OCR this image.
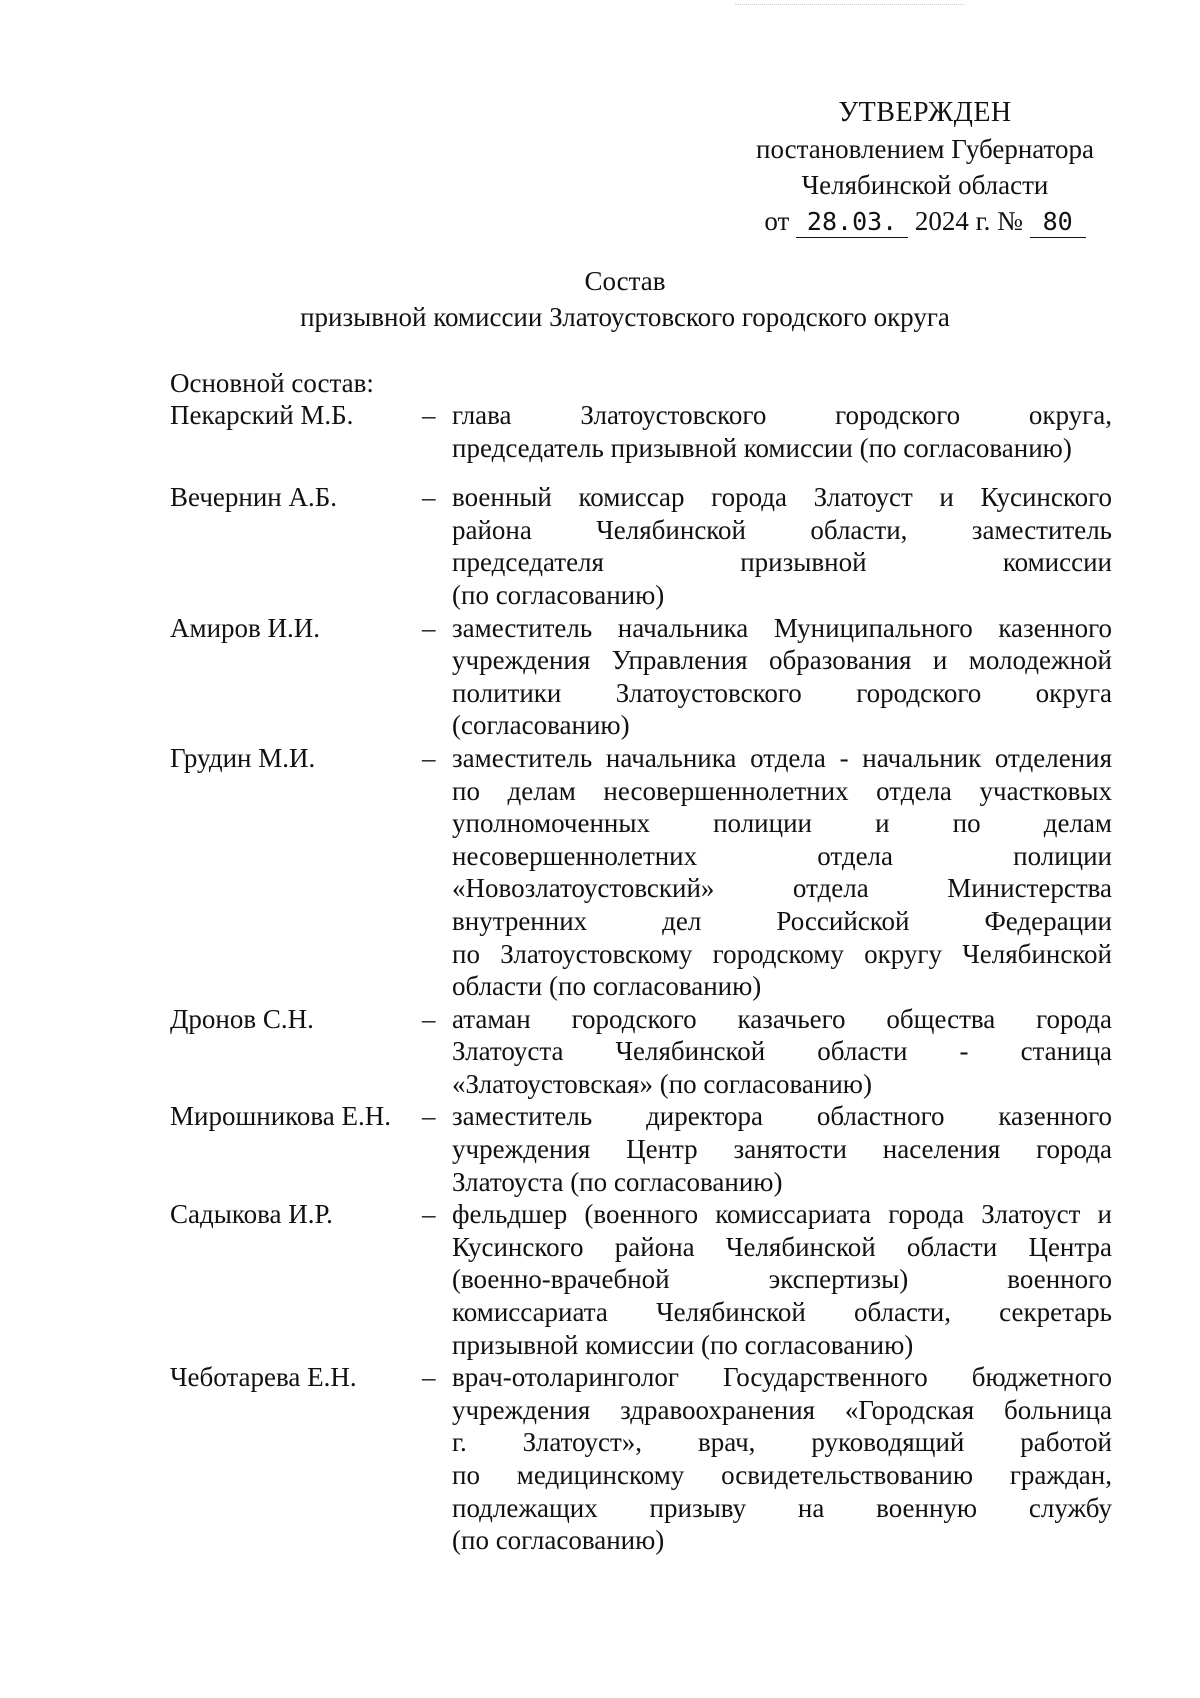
УТВЕРЖДЕН
постановлением Губернатора
Челябинской области
от 28.03. 2024 г. № 80
Состав
призывной комиссии Златоустовского городского округа
Основной состав:
Пекарский М.Б.	– глава Златоустовского городского округа,
председатель призывной комиссии (по согласованию)
Вечернин А.Б.	– военный комиссар города Златоуст и Кусинского
района Челябинской области, заместитель
председателя призывной комиссии
(по согласованию)
Амиров И.И.	– заместитель начальника Муниципального казенного
учреждения Управления образования и молодежной
политики Златоустовского городского округа
(согласованию)
Грудин М.И.	– заместитель начальника отдела - начальник отделения
по делам несовершеннолетних отдела участковых
уполномоченных полиции и по делам
несовершеннолетних отдела полиции
«Новозлатоустовский» отдела Министерства
внутренних дел Российской Федерации
по Златоустовскому городскому округу Челябинской
области (по согласованию)
Дронов С.Н.	– атаман городского казачьего общества города
Златоуста Челябинской области - станица
«Златоустовская» (по согласованию)
Мирошникова Е.Н.	– заместитель директора областного казенного
учреждения Центр занятости населения города
Златоуста (по согласованию)
Садыкова И.Р.	– фельдшер (военного комиссариата города Златоуст и
Кусинского района Челябинской области Центра
(военно-врачебной экспертизы) военного
комиссариата Челябинской области, секретарь
призывной комиссии (по согласованию)
Чеботарева Е.Н.	– врач-отоларинголог Государственного бюджетного
учреждения здравоохранения «Городская больница
г. Златоуст», врач, руководящий работой
по медицинскому освидетельствованию граждан,
подлежащих призыву на военную службу
(по согласованию)
